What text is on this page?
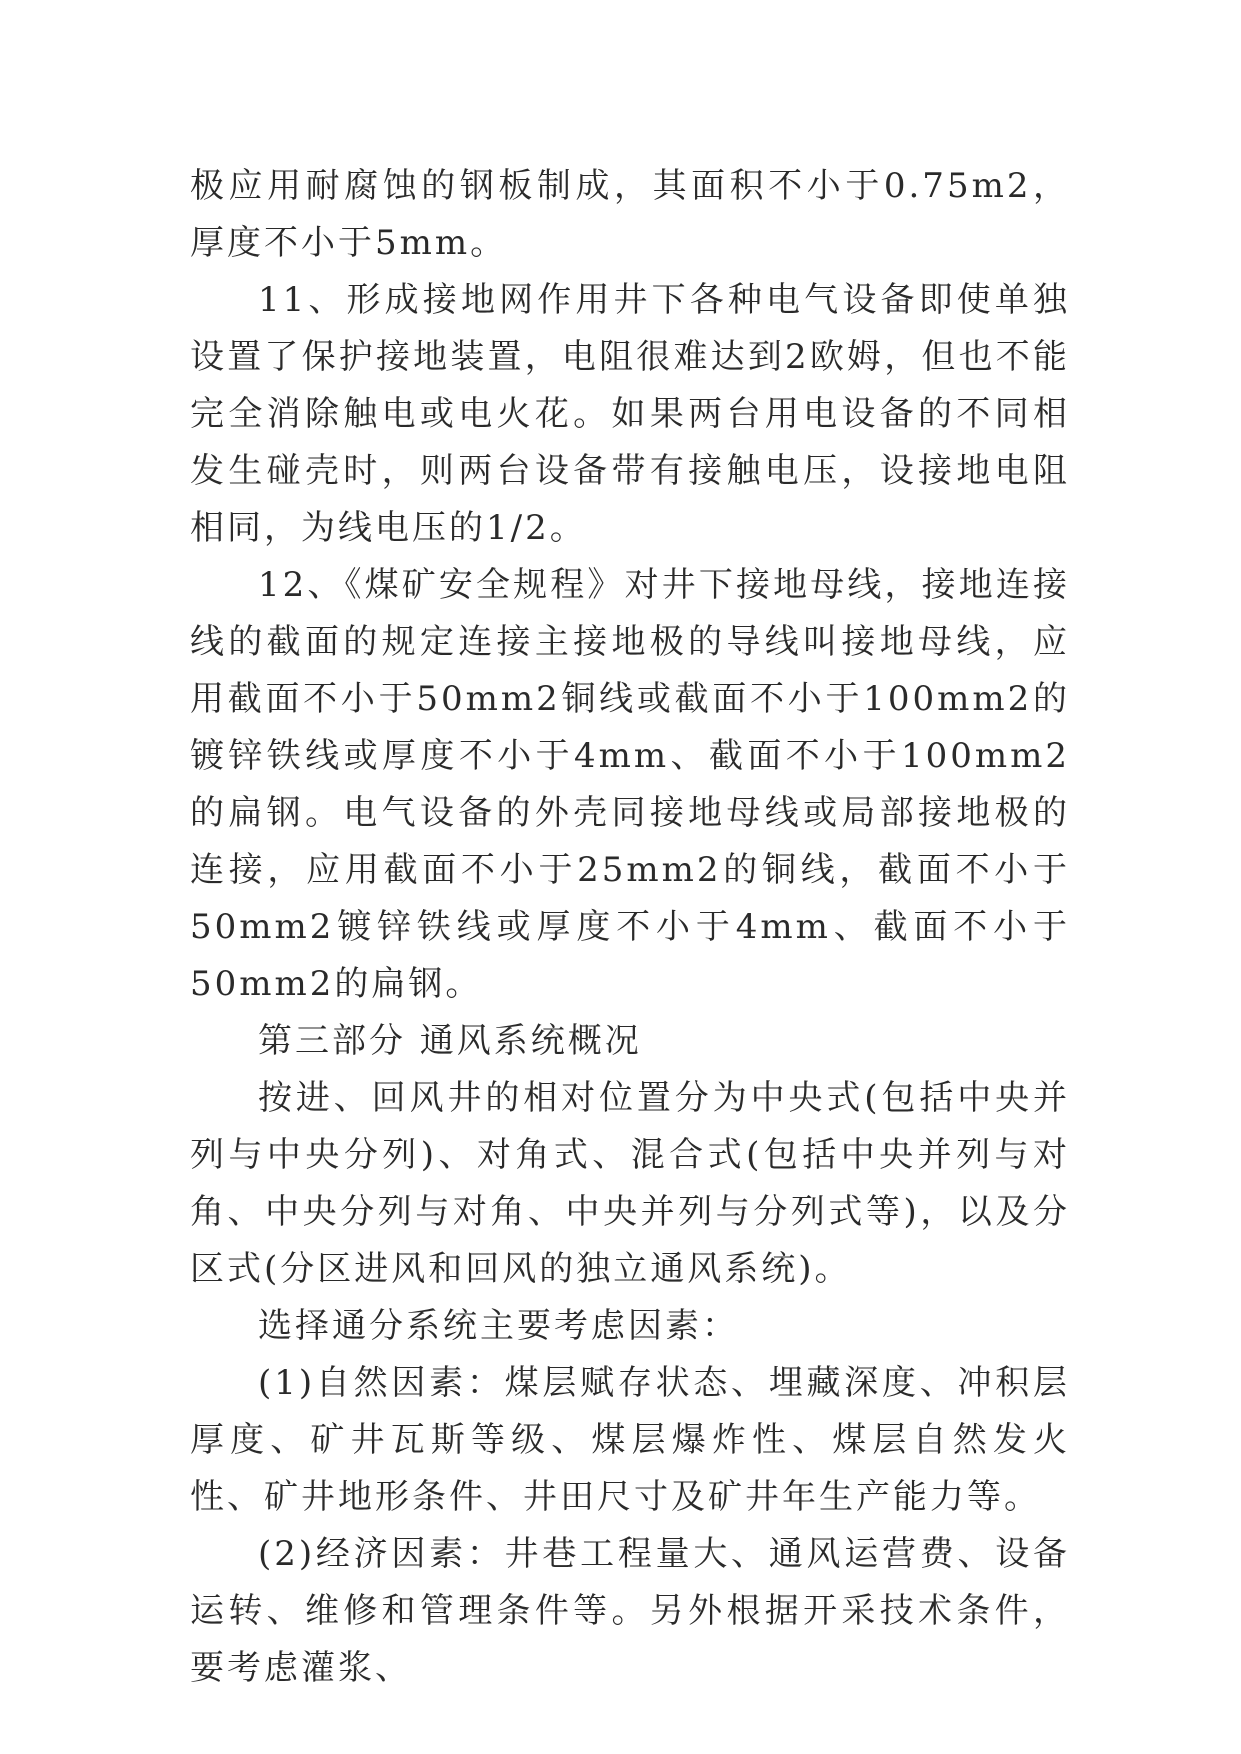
极应用耐腐蚀的钢板制成，其面积不小于0.75m2，厚度不小于5mm。

11、形成接地网作用井下各种电气设备即使单独设置了保护接地装置，电阻很难达到2欧姆，但也不能完全消除触电或电火花。如果两台用电设备的不同相发生碰壳时，则两台设备带有接触电压，设接地电阻相同，为线电压的1/2。

12、《煤矿安全规程》对井下接地母线，接地连接线的截面的规定连接主接地极的导线叫接地母线，应用截面不小于50mm2铜线或截面不小于100mm2的镀锌铁线或厚度不小于4mm、截面不小于100mm2的扁钢。电气设备的外壳同接地母线或局部接地极的连接，应用截面不小于25mm2的铜线，截面不小于50mm2镀锌铁线或厚度不小于4mm、截面不小于50mm2的扁钢。

第三部分 通风系统概况

按进、回风井的相对位置分为中央式(包括中央并列与中央分列)、对角式、混合式(包括中央并列与对角、中央分列与对角、中央并列与分列式等)，以及分区式(分区进风和回风的独立通风系统)。

选择通分系统主要考虑因素：

(1)自然因素：煤层赋存状态、埋藏深度、冲积层厚度、矿井瓦斯等级、煤层爆炸性、煤层自然发火性、矿井地形条件、井田尺寸及矿井年生产能力等。

(2)经济因素：井巷工程量大、通风运营费、设备运转、维修和管理条件等。另外根据开采技术条件，要考虑灌浆、
